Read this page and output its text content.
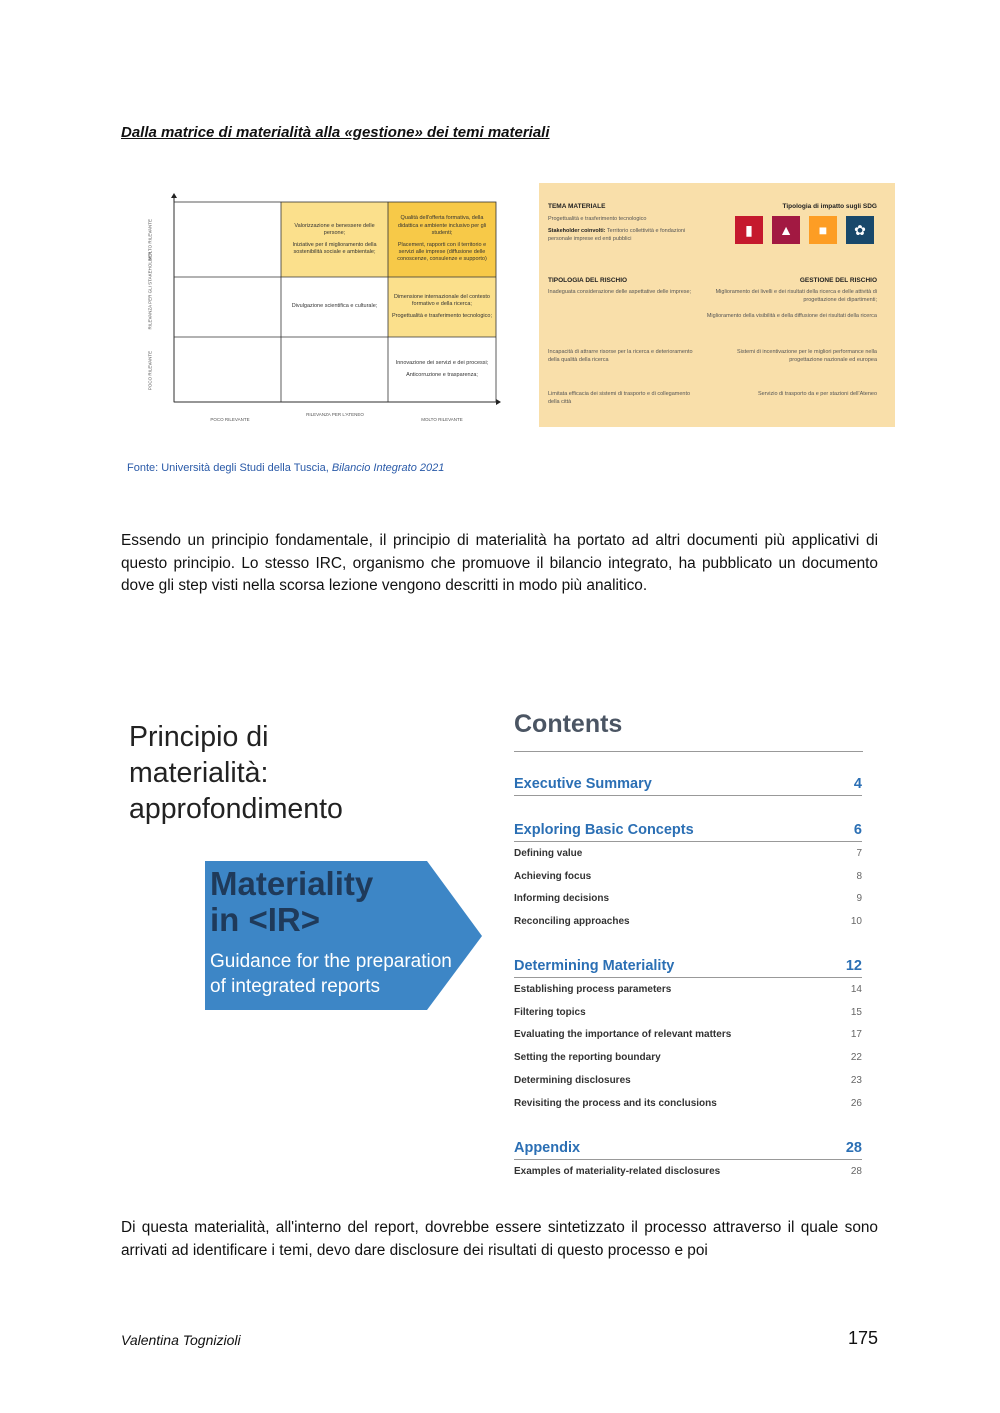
Dalla matrice di materialità alla «gestione» dei temi materiali
MOLTO RILEVANTE
RILEVANZA PER GLI STAKEHOLDER
POCO RILEVANTE
POCO RILEVANTE
RILEVANZA PER L'ATENEO
MOLTO RILEVANTE
Valorizzazione e benessere delle persone;
Iniziative per il miglioramento della sostenibilità sociale e ambientale;
Qualità dell'offerta formativa, della didattica e ambiente inclusivo per gli studenti;
Placement, rapporti con il territorio e servizi alle imprese (diffusione delle conoscenze, consulenze e supporto)
Divulgazione scientifica e culturale;
Dimensione internazionale del contesto formativo e della ricerca;
Progettualità e trasferimento tecnologico;
Innovazione dei servizi e dei processi;
Anticorruzione e trasparenza;
TEMA MATERIALE
Progettualità e trasferimento tecnologico
Stakeholder coinvolti: Territorio collettività e fondazioni personale imprese ed enti pubblici
Tipologia di impatto sugli SDG
▮	▲	■	✿
TIPOLOGIA DEL RISCHIO	GESTIONE DEL RISCHIO
Inadeguata considerazione delle aspettative delle imprese;	Miglioramento dei livelli e dei risultati della ricerca e delle attività di progettazione dei dipartimenti;
Miglioramento della visibilità e della diffusione dei risultati della ricerca
Incapacità di attrarre risorse per la ricerca e deterioramento della qualità della ricerca
Sistemi di incentivazione per le migliori performance nella progettazione nazionale ed europea
Limitata efficacia dei sistemi di trasporto e di collegamento della città
Servizio di trasporto da e per stazioni dell'Ateneo
Fonte: Università degli Studi della Tuscia, Bilancio Integrato 2021
Essendo un principio fondamentale, il principio di materialità ha portato ad altri documenti più applicativi di questo principio. Lo stesso IRC, organismo che promuove il bilancio integrato, ha pubblicato un documento dove gli step visti nella scorsa lezione vengono descritti in modo più analitico.
Principio di
materialità:
approfondimento
Materiality
in <IR>
Guidance for the preparation of integrated reports
Contents
Executive Summary	4
Exploring Basic Concepts	6
Defining value	7
Achieving focus	8
Informing decisions	9
Reconciling approaches	10
Determining Materiality	12
Establishing process parameters	14
Filtering topics	15
Evaluating the importance of relevant matters	17
Setting the reporting boundary	22
Determining disclosures	23
Revisiting the process and its conclusions	26
Appendix	28
Examples of materiality-related disclosures	28
Di questa materialità, all'interno del report, dovrebbe essere sintetizzato il processo attraverso il quale sono arrivati ad identificare i temi, devo dare disclosure dei risultati di questo processo e poi
Valentina Tognizioli	175
